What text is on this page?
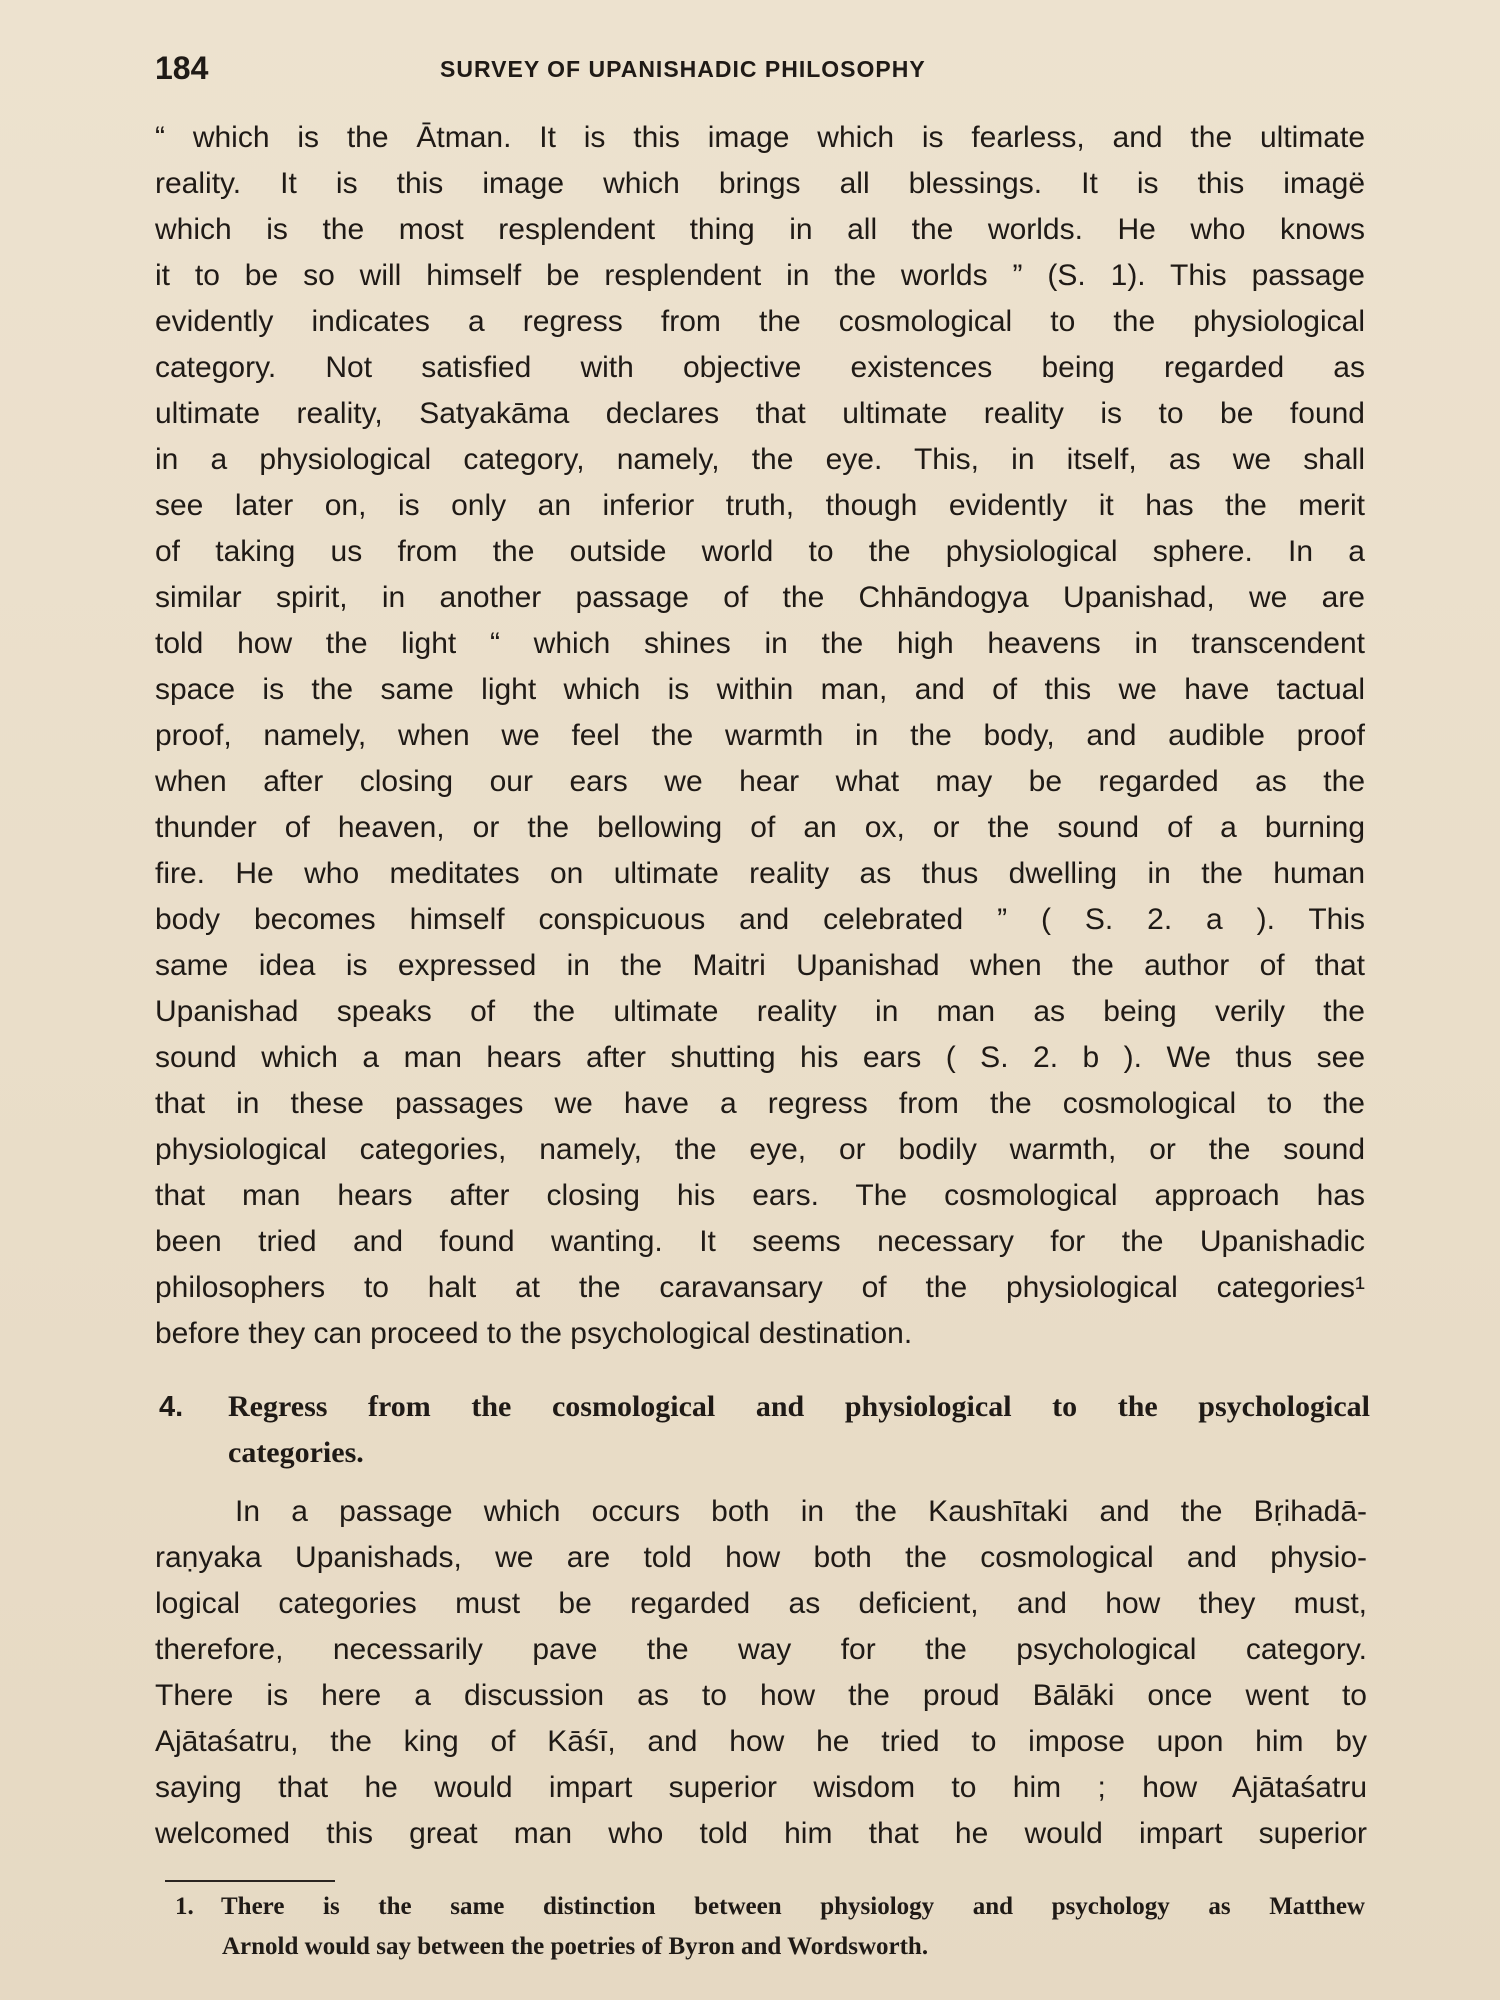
184	SURVEY OF UPANISHADIC PHILOSOPHY
“ which is the Ātman. It is this image which is fearless, and the ultimate
reality. It is this image which brings all blessings. It is this imagë
which is the most resplendent thing in all the worlds. He who knows
it to be so will himself be resplendent in the worlds ” (S. 1). This passage
evidently indicates a regress from the cosmological to the physiological
category. Not satisfied with objective existences being regarded as
ultimate reality, Satyakāma declares that ultimate reality is to be found
in a physiological category, namely, the eye. This, in itself, as we shall
see later on, is only an inferior truth, though evidently it has the merit
of taking us from the outside world to the physiological sphere. In a
similar spirit, in another passage of the Chhāndogya Upanishad, we are
told how the light “ which shines in the high heavens in transcendent
space is the same light which is within man, and of this we have tactual
proof, namely, when we feel the warmth in the body, and audible proof
when after closing our ears we hear what may be regarded as the
thunder of heaven, or the bellowing of an ox, or the sound of a burning
fire. He who meditates on ultimate reality as thus dwelling in the human
body becomes himself conspicuous and celebrated ” ( S. 2. a ). This
same idea is expressed in the Maitri Upanishad when the author of that
Upanishad speaks of the ultimate reality in man as being verily the
sound which a man hears after shutting his ears ( S. 2. b ). We thus see
that in these passages we have a regress from the cosmological to the
physiological categories, namely, the eye, or bodily warmth, or the sound
that man hears after closing his ears. The cosmological approach has
been tried and found wanting. It seems necessary for the Upanishadic
philosophers to halt at the caravansary of the physiological categories¹
before they can proceed to the psychological destination.
4. Regress from the cosmological and physiological to the psychological
categories.
In a passage which occurs both in the Kaushītaki and the Bṛihadā-
raṇyaka Upanishads, we are told how both the cosmological and physio-
logical categories must be regarded as deficient, and how they must,
therefore, necessarily pave the way for the psychological category.
There is here a discussion as to how the proud Bālāki once went to
Ajātaśatru, the king of Kāśī, and how he tried to impose upon him by
saying that he would impart superior wisdom to him ; how Ajātaśatru
welcomed this great man who told him that he would impart superior
1. There is the same distinction between physiology and psychology as Matthew
Arnold would say between the poetries of Byron and Wordsworth.
